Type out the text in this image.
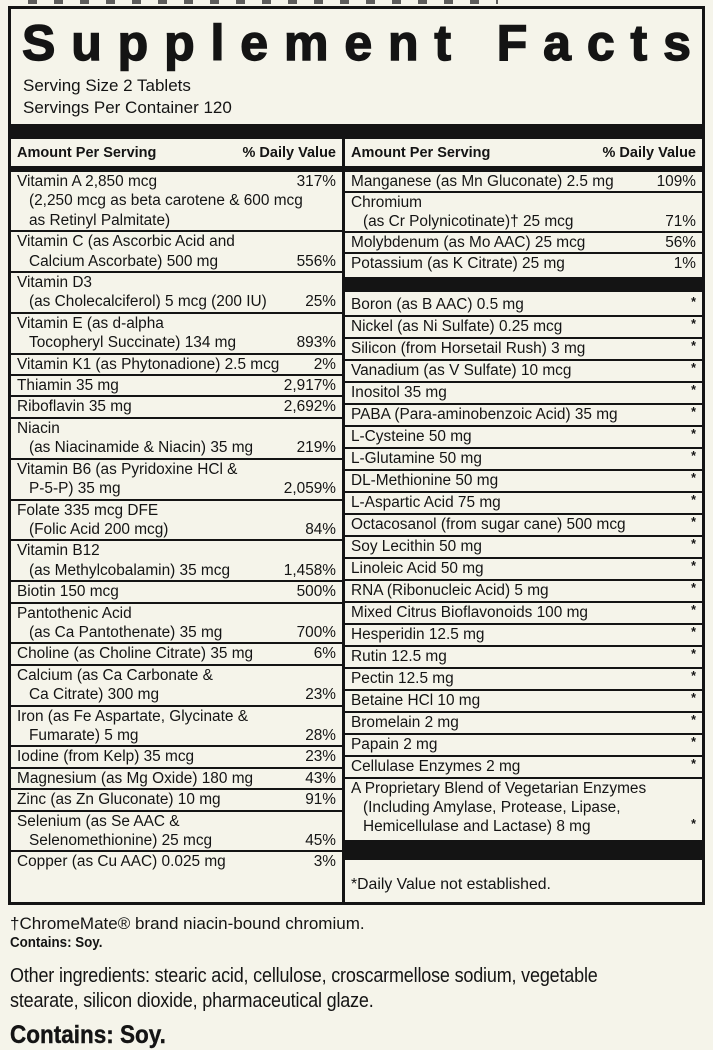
S u p p l e m e n t
F a c t s
Serving Size 2 Tablets
Servings Per Container 120
Amount Per Serving	% Daily Value
Vitamin A 2,850 mcg	317%
(2,250 mcg as beta carotene & 600 mcg
as Retinyl Palmitate)
Vitamin C (as Ascorbic Acid and
Calcium Ascorbate) 500 mg	556%
Vitamin D3
(as Cholecalciferol) 5 mcg (200 IU)	25%
Vitamin E (as d-alpha
Tocopheryl Succinate) 134 mg	893%
Vitamin K1 (as Phytonadione) 2.5 mcg	2%
Thiamin 35 mg	2,917%
Riboflavin 35 mg	2,692%
Niacin
(as Niacinamide & Niacin) 35 mg	219%
Vitamin B6 (as Pyridoxine HCl &
P-5-P) 35 mg	2,059%
Folate 335 mcg DFE
(Folic Acid 200 mcg)	84%
Vitamin B12
(as Methylcobalamin) 35 mcg	1,458%
Biotin 150 mcg	500%
Pantothenic Acid
(as Ca Pantothenate) 35 mg	700%
Choline (as Choline Citrate) 35 mg	6%
Calcium (as Ca Carbonate &
Ca Citrate) 300 mg	23%
Iron (as Fe Aspartate, Glycinate &
Fumarate) 5 mg	28%
Iodine (from Kelp) 35 mcg	23%
Magnesium (as Mg Oxide) 180 mg	43%
Zinc (as Zn Gluconate) 10 mg	91%
Selenium (as Se AAC &
Selenomethionine) 25 mcg	45%
Copper (as Cu AAC) 0.025 mg	3%
Amount Per Serving	% Daily Value
Manganese (as Mn Gluconate) 2.5 mg	109%
Chromium
(as Cr Polynicotinate)† 25 mcg	71%
Molybdenum (as Mo AAC) 25 mcg	56%
Potassium (as K Citrate) 25 mg	1%
Boron (as B AAC) 0.5 mg	*
Nickel (as Ni Sulfate) 0.25 mcg	*
Silicon (from Horsetail Rush) 3 mg	*
Vanadium (as V Sulfate) 10 mcg	*
Inositol 35 mg	*
PABA (Para-aminobenzoic Acid) 35 mg	*
L-Cysteine 50 mg	*
L-Glutamine 50 mg	*
DL-Methionine 50 mg	*
L-Aspartic Acid 75 mg	*
Octacosanol (from sugar cane) 500 mcg	*
Soy Lecithin 50 mg	*
Linoleic Acid 50 mg	*
RNA (Ribonucleic Acid) 5 mg	*
Mixed Citrus Bioflavonoids 100 mg	*
Hesperidin 12.5 mg	*
Rutin 12.5 mg	*
Pectin 12.5 mg	*
Betaine HCl 10 mg	*
Bromelain 2 mg	*
Papain 2 mg	*
Cellulase Enzymes 2 mg	*
A Proprietary Blend of Vegetarian Enzymes
(Including Amylase, Protease, Lipase,
Hemicellulase and Lactase) 8 mg	*
*Daily Value not established.
†ChromeMate® brand niacin-bound chromium.
Contains: Soy.
Other ingredients: stearic acid, cellulose, croscarmellose sodium, vegetable
stearate, silicon dioxide, pharmaceutical glaze.
Contains: Soy.
